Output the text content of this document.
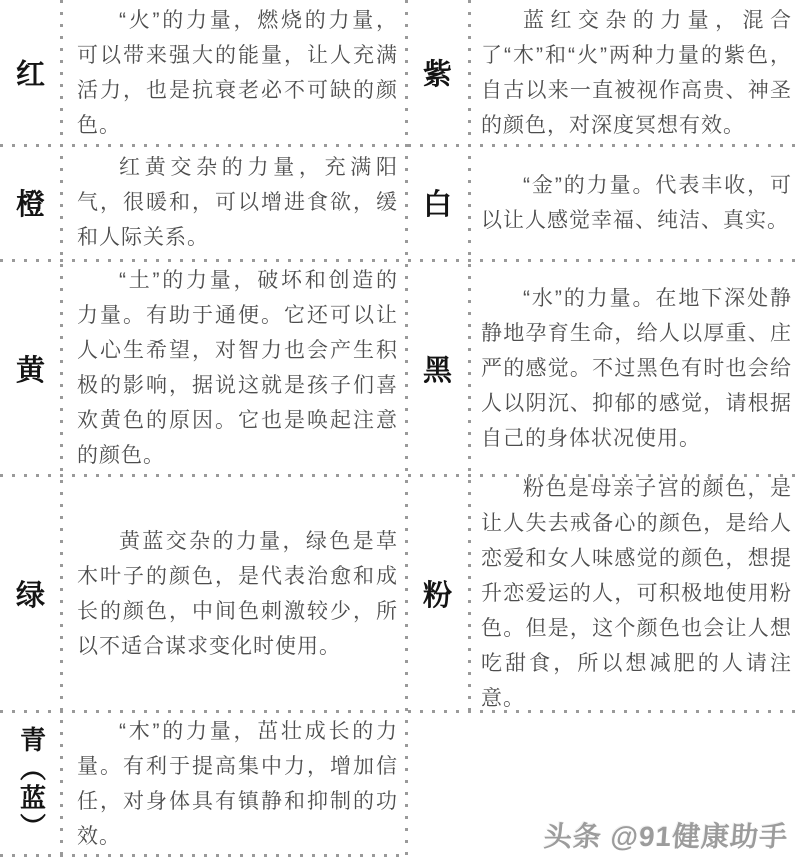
红

“火”的力量，燃烧的力量，可以带来强大的能量，让人充满活力，也是抗衰老必不可缺的颜色。

紫

蓝红交杂的力量，混合了“木”和“火”两种力量的紫色，自古以来一直被视作高贵、神圣的颜色，对深度冥想有效。

橙

红黄交杂的力量，充满阳气，很暖和，可以增进食欲，缓和人际关系。

白

“金”的力量。代表丰收，可以让人感觉幸福、纯洁、真实。

黄

“土”的力量，破坏和创造的力量。有助于通便。它还可以让人心生希望，对智力也会产生积极的影响，据说这就是孩子们喜欢黄色的原因。它也是唤起注意的颜色。

黑

“水”的力量。在地下深处静静地孕育生命，给人以厚重、庄严的感觉。不过黑色有时也会给人以阴沉、抑郁的感觉，请根据自己的身体状况使用。

绿

黄蓝交杂的力量，绿色是草木叶子的颜色，是代表治愈和成长的颜色，中间色刺激较少，所以不适合谋求变化时使用。

粉

粉色是母亲子宫的颜色，是让人失去戒备心的颜色，是给人恋爱和女人味感觉的颜色，想提升恋爱运的人，可积极地使用粉色。但是，这个颜色也会让人想吃甜食，所以想减肥的人请注意。

青（蓝）	“木”的力量，茁壮成长的力量。有利于提高集中力，增加信任，对身体具有镇静和抑制的功效。	头条 @91健康助手
